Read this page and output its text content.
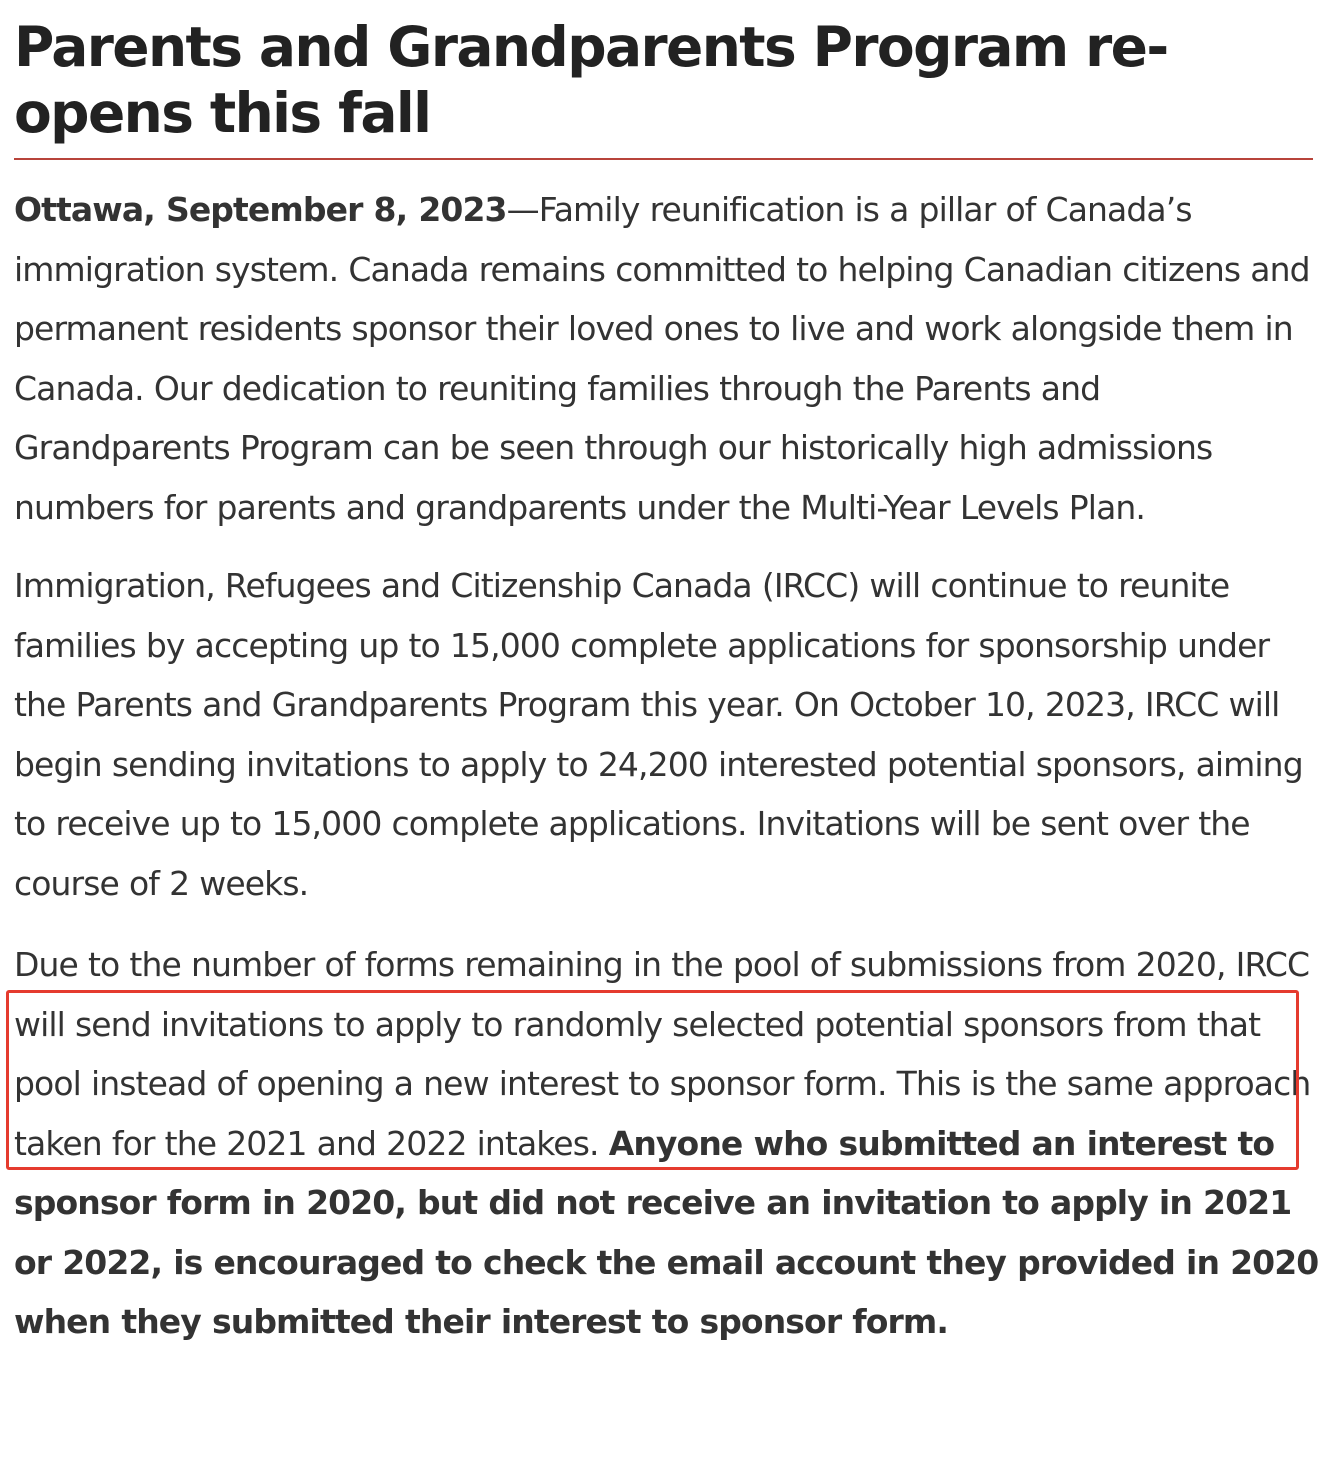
Parents and Grandparents Program re-opens this fall

Ottawa, September 8, 2023—Family reunification is a pillar of Canada’s immigration system. Canada remains committed to helping Canadian citizens and permanent residents sponsor their loved ones to live and work alongside them in Canada. Our dedication to reuniting families through the Parents and Grandparents Program can be seen through our historically high admissions numbers for parents and grandparents under the Multi-Year Levels Plan.

Immigration, Refugees and Citizenship Canada (IRCC) will continue to reunite families by accepting up to 15,000 complete applications for sponsorship under the Parents and Grandparents Program this year. On October 10, 2023, IRCC will begin sending invitations to apply to 24,200 interested potential sponsors, aiming to receive up to 15,000 complete applications. Invitations will be sent over the course of 2 weeks.

Due to the number of forms remaining in the pool of submissions from 2020, IRCC will send invitations to apply to randomly selected potential sponsors from that pool instead of opening a new interest to sponsor form. This is the same approach taken for the 2021 and 2022 intakes. Anyone who submitted an interest to sponsor form in 2020, but did not receive an invitation to apply in 2021 or 2022, is encouraged to check the email account they provided in 2020 when they submitted their interest to sponsor form.
